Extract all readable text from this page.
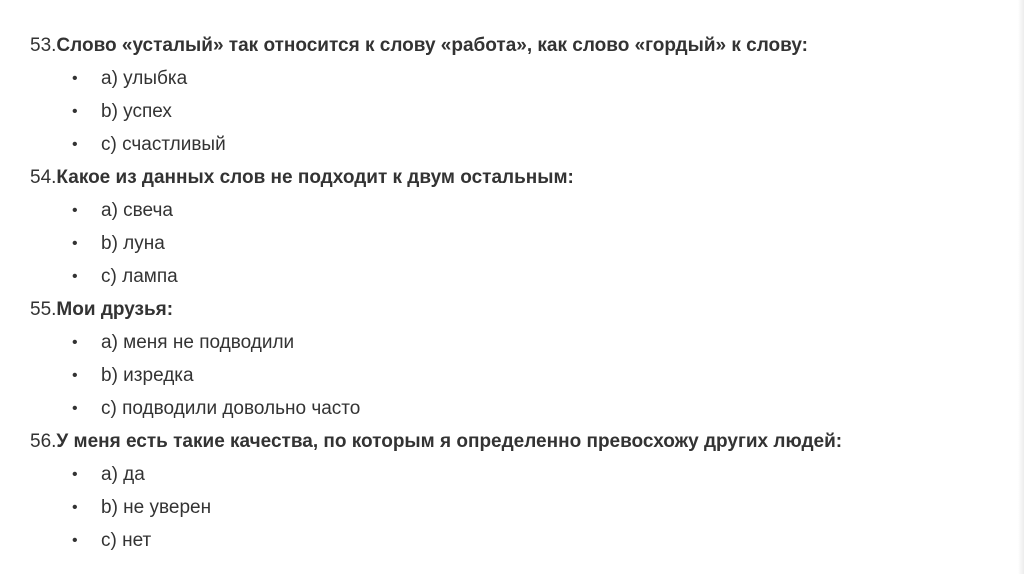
53.Слово «усталый» так относится к слову «работа», как слово «гордый» к слову:
• a) улыбка
• b) успех
• c) счастливый
54.Какое из данных слов не подходит к двум остальным:
• a) свеча
• b) луна
• c) лампа
55.Мои друзья:
• a) меня не подводили
• b) изредка
• c) подводили довольно часто
56.У меня есть такие качества, по которым я определенно превосхожу других людей:
• a) да
• b) не уверен
• c) нет
